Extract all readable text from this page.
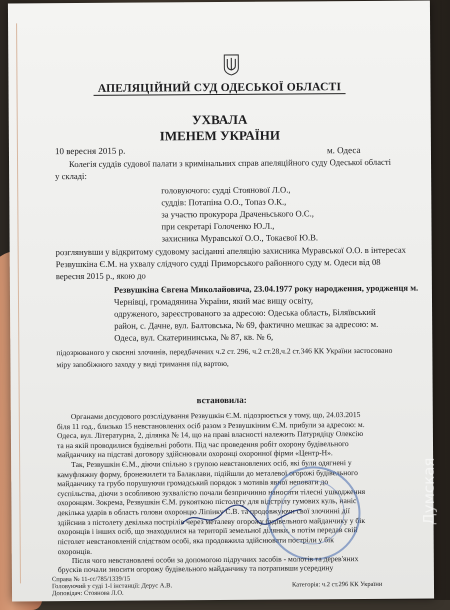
АПЕЛЯЦІЙНИЙ СУД ОДЕСЬКОЇ ОБЛАСТІ
УХВАЛА
ІМЕНЕМ УКРАЇНИ
10 вересня 2015 р.	м. Одеса
Колегія суддів судової палати з кримінальних справ апеляційного суду Одеської області
у складі:
головуючого: судді Стоянової Л.О.,
суддів: Потапіна О.О., Топаз О.К.,
за участю прокурора Драченьського О.С.,
при секретарі Голоченко Ю.Л.,
захисника Муравської О.О., Токаєвої Ю.В.
розглянувши у відкритому судовому засіданні апеляцію захисника Муравської О.О. в інтересах
Резвушкіна Є.М. на ухвалу слідчого судді Приморського районного суду м. Одеси від 08
вересня 2015 р., якою до
Резвушкіна Євгена Миколайовича, 23.04.1977 року народження, уродженця м.
Чернівці, громадянина України, який має вищу освіту,
одруженого, зареєстрованого за адресою: Одеська область, Біляївський
район, с. Дачне, вул. Балтовська, № 69, фактично мешкає за адресою: м.
Одеса, вул. Скатерининська, № 87, кв. № 6,
підозрюваного у скоєнні злочинів, передбачених ч.2 ст. 296, ч.2 ст.28,ч.2 ст.346 КК України застосовано
міру запобіжного заходу у виді тримання під вартою,
встановила:
Органами досудового розслідування Резвушкін Є.М. підозрюється у тому, що, 24.03.2015
біля 11 год., близько 15 невстановлених осіб разом з Резвушкіним Є.М. прибули за адресою: м.
Одеса, вул. Літературна, 2, ділянка № 14, що на праві власності належить Патурядіцу Олексію
та на якій проводилися будівельні роботи. Під час проведення робіт охорону будівельного
майданчику на підставі договору здійснювали охоронці охоронної фірми «Центр-Н».
Так, Резвушкін Є.М., діючи спільно з групою невстановлених осіб, які були одягнені у
камуфляжну форму, бронежилети та Балаклави, підійшли до металевої огорожі будівельного
майданчику та грубо порушуючи громадський порядок з мотивів явної неповаги до
суспільства, діючи з особливою зухвалістю почали безпричинно наносити тілесні ушкодження
охоронцям. Зокрема, Резвушкін Є.М. рукояткою пістолету для відстрілу гумових куль, наніс
декілька ударів в область голови охоронцю Ліпіику С.В. та продовжуючи свої злочинні дії
здійснив з пістолету декілька пострілів через металеву огорожу будівельного майданчику у бік
охоронців і інших осіб, що знаходилися на території земельної ділянки, в потім передав свій
пістолет невстановленій слідством особі, яка продовжила здійснювати постріли у бік
охоронців.
Справа № 11-сс/785/1339/15
Головуючий у суді 1-ї інстанції: Дерус А.В.
Доповідач: Стоянова Л.О.
Категорія: ч.2 ст.296 КК України
Після чого невстановлені особи за допомогою підручних засобів - молотів та дерев'яних
брусків почали зносити огорожу будівельного майданчику та потрапивши усередину
Думская
